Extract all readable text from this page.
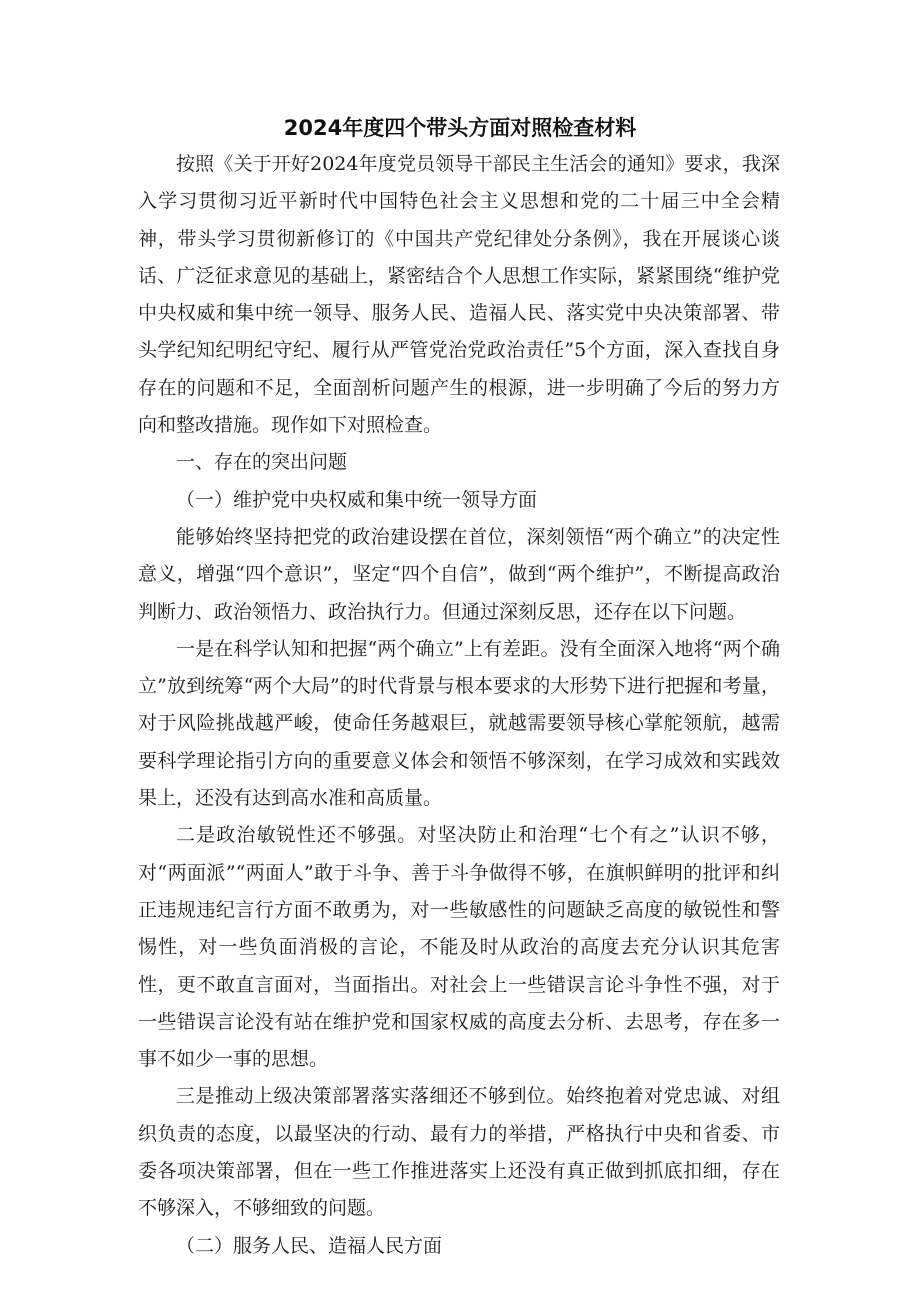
2024年度四个带头方面对照检查材料

按照《关于开好2024年度党员领导干部民主生活会的通知》要求，我深入学习贯彻习近平新时代中国特色社会主义思想和党的二十届三中全会精神，带头学习贯彻新修订的《中国共产党纪律处分条例》，我在开展谈心谈话、广泛征求意见的基础上，紧密结合个人思想工作实际，紧紧围绕“维护党中央权威和集中统一领导、服务人民、造福人民、落实党中央决策部署、带头学纪知纪明纪守纪、履行从严管党治党政治责任”5个方面，深入查找自身存在的问题和不足，全面剖析问题产生的根源，进一步明确了今后的努力方向和整改措施。现作如下对照检查。

一、存在的突出问题

（一）维护党中央权威和集中统一领导方面

能够始终坚持把党的政治建设摆在首位，深刻领悟“两个确立”的决定性意义，增强“四个意识”，坚定“四个自信”，做到“两个维护”，不断提高政治判断力、政治领悟力、政治执行力。但通过深刻反思，还存在以下问题。

一是在科学认知和把握“两个确立”上有差距。没有全面深入地将“两个确立”放到统筹“两个大局”的时代背景与根本要求的大形势下进行把握和考量，对于风险挑战越严峻，使命任务越艰巨，就越需要领导核心掌舵领航，越需要科学理论指引方向的重要意义体会和领悟不够深刻，在学习成效和实践效果上，还没有达到高水准和高质量。

二是政治敏锐性还不够强。对坚决防止和治理“七个有之”认识不够，对“两面派”“两面人”敢于斗争、善于斗争做得不够，在旗帜鲜明的批评和纠正违规违纪言行方面不敢勇为，对一些敏感性的问题缺乏高度的敏锐性和警惕性，对一些负面消极的言论，不能及时从政治的高度去充分认识其危害性，更不敢直言面对，当面指出。对社会上一些错误言论斗争性不强，对于一些错误言论没有站在维护党和国家权威的高度去分析、去思考，存在多一事不如少一事的思想。

三是推动上级决策部署落实落细还不够到位。始终抱着对党忠诚、对组织负责的态度，以最坚决的行动、最有力的举措，严格执行中央和省委、市委各项决策部署，但在一些工作推进落实上还没有真正做到抓底扣细，存在不够深入，不够细致的问题。

（二）服务人民、造福人民方面
